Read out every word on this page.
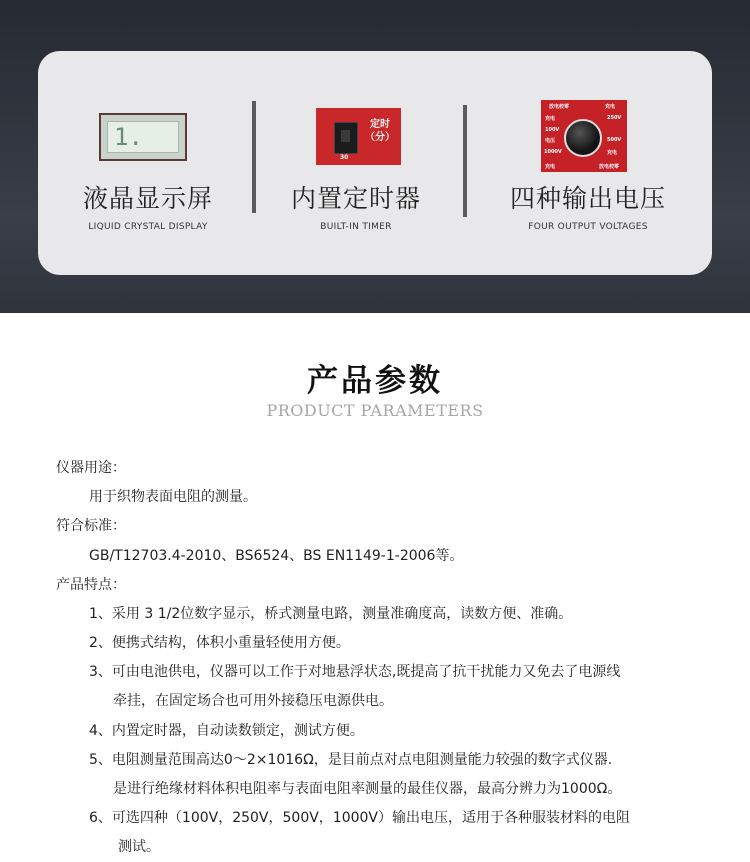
1.	定时
（分）
30
放电校零	充电
充电	250V
100V
电压	500V
1000V	充电
充电	放电校零
液晶显示屏
LIQUID CRYSTAL DISPLAY
内置定时器
BUILT-IN TIMER
四种输出电压
FOUR OUTPUT VOLTAGES
产品参数
PRODUCT PARAMETERS
仪器用途：
用于织物表面电阻的测量。
符合标准：
GB/T12703.4-2010、BS6524、BS EN1149-1-2006等。
产品特点：
1、采用 3 1/2位数字显示，桥式测量电路，测量准确度高，读数方便、准确。
2、便携式结构，体积小重量轻使用方便。
3、可由电池供电，仪器可以工作于对地悬浮状态,既提高了抗干扰能力又免去了电源线
牵挂，在固定场合也可用外接稳压电源供电。
4、内置定时器，自动读数锁定，测试方便。
5、电阻测量范围高达0～2×1016Ω，是目前点对点电阻测量能力较强的数字式仪器.
是进行绝缘材料体积电阻率与表面电阻率测量的最佳仪器，最高分辨力为1000Ω。
6、可选四种（100V，250V，500V，1000V）输出电压，适用于各种服装材料的电阻
测试。
